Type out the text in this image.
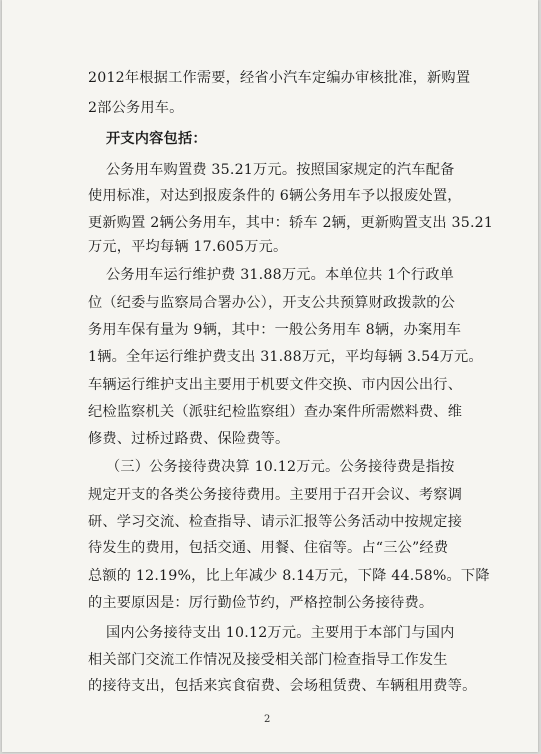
2012年根据工作需要，经省小汽车定编办审核批准，新购置
2部公务用车。
开支内容包括：
公务用车购置费 35.21万元。按照国家规定的汽车配备
使用标准，对达到报废条件的 6辆公务用车予以报废处置，
更新购置 2辆公务用车，其中：轿车 2辆，更新购置支出 35.21
万元，平均每辆 17.605万元。
公务用车运行维护费 31.88万元。本单位共 1个行政单
位（纪委与监察局合署办公），开支公共预算财政拨款的公
务用车保有量为 9辆，其中：一般公务用车 8辆，办案用车
1辆。全年运行维护费支出 31.88万元，平均每辆 3.54万元。
车辆运行维护支出主要用于机要文件交换、市内因公出行、
纪检监察机关（派驻纪检监察组）查办案件所需燃料费、维
修费、过桥过路费、保险费等。
（三）公务接待费决算 10.12万元。公务接待费是指按
规定开支的各类公务接待费用。主要用于召开会议、考察调
研、学习交流、检查指导、请示汇报等公务活动中按规定接
待发生的费用，包括交通、用餐、住宿等。占“三公”经费
总额的 12.19%，比上年减少 8.14万元，下降 44.58%。下降
的主要原因是：厉行勤俭节约，严格控制公务接待费。
国内公务接待支出 10.12万元。主要用于本部门与国内
相关部门交流工作情况及接受相关部门检查指导工作发生
的接待支出，包括来宾食宿费、会场租赁费、车辆租用费等。
2
